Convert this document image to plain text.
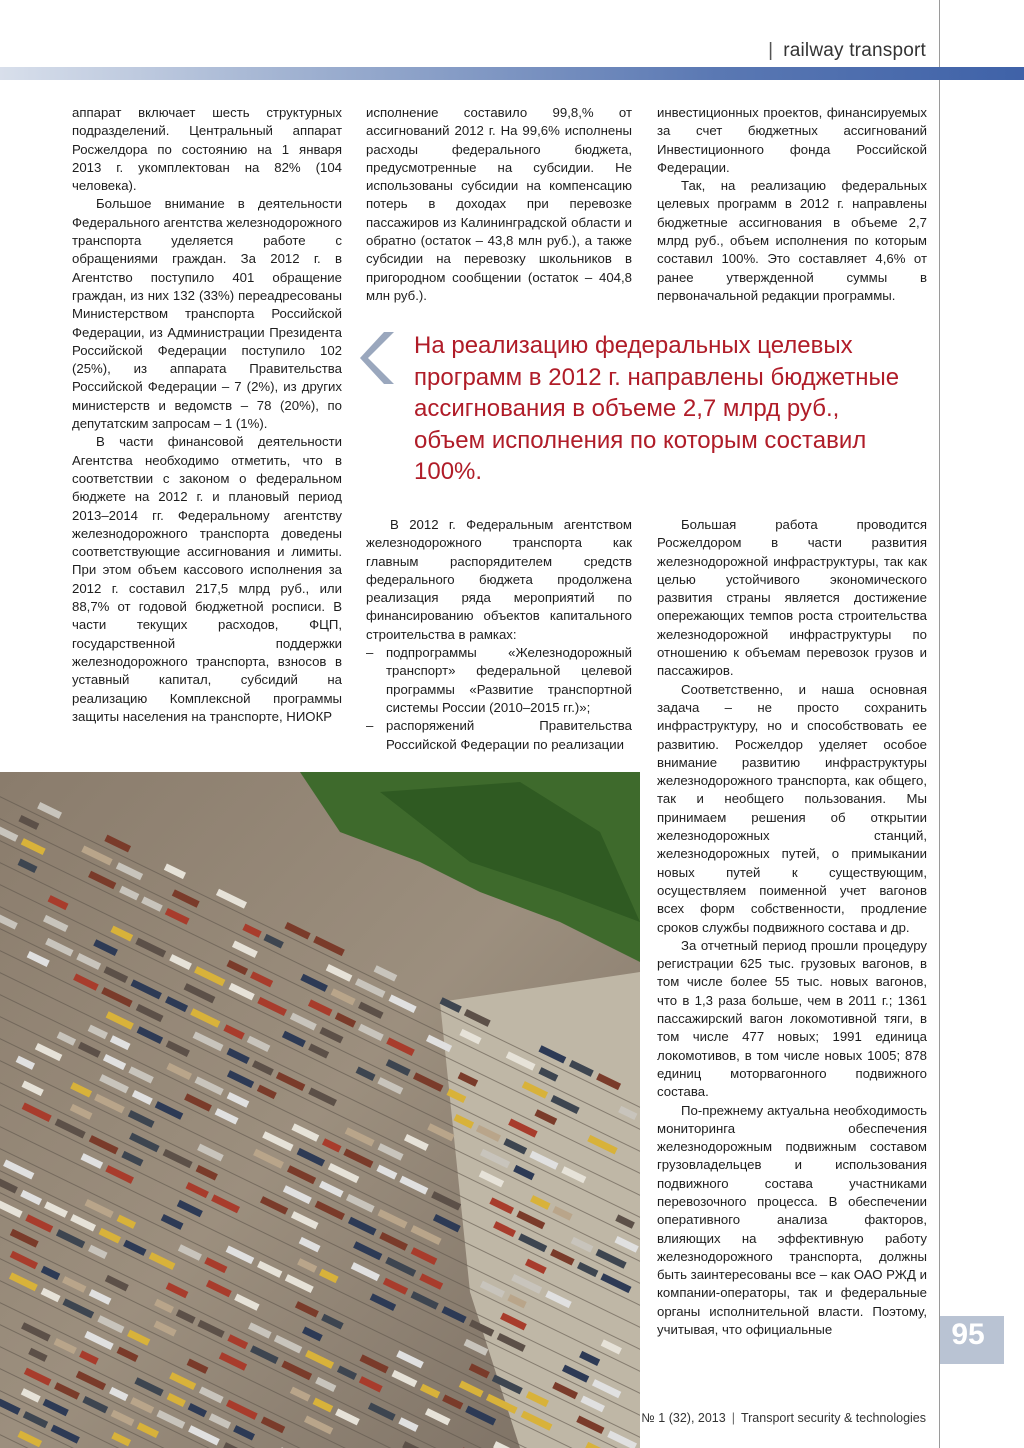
| railway transport

аппарат включает шесть структурных подразделений. Центральный аппарат Росжелдора по состоянию на 1 января 2013 г. укомплектован на 82% (104 человека).

Большое внимание в деятельности Федерального агентства железнодорожного транспорта уделяется работе с обращениями граждан. За 2012 г. в Агентство поступило 401 обращение граждан, из них 132 (33%) переадресованы Министерством транспорта Российской Федерации, из Администрации Президента Российской Федерации поступило 102 (25%), из аппарата Правительства Российской Федерации – 7 (2%), из других министерств и ведомств – 78 (20%), по депутатским запросам – 1 (1%).

В части финансовой деятельности Агентства необходимо отметить, что в соответствии с законом о федеральном бюджете на 2012 г. и плановый период 2013–2014 гг. Федеральному агентству железнодорожного транспорта доведены соответствующие ассигнования и лимиты. При этом объем кассового исполнения за 2012 г. составил 217,5 млрд руб., или 88,7% от годовой бюджетной росписи. В части текущих расходов, ФЦП, государственной поддержки железнодорожного транспорта, взносов в уставный капитал, субсидий на реализацию Комплексной программы защиты населения на транспорте, НИОКР

исполнение составило 99,8,% от ассигнований 2012 г. На 99,6% исполнены расходы федерального бюджета, предусмотренные на субсидии. Не использованы субсидии на компенсацию потерь в доходах при перевозке пассажиров из Калининградской области и обратно (остаток – 43,8 млн руб.), а также субсидии на перевозку школьников в пригородном сообщении (остаток – 404,8 млн руб.).

инвестиционных проектов, финансируемых за счет бюджетных ассигнований Инвестиционного фонда Российской Федерации.

Так, на реализацию федеральных целевых программ в 2012 г. направлены бюджетные ассигнования в объеме 2,7 млрд руб., объем исполнения по которым составил 100%. Это составляет 4,6% от ранее утвержденной суммы в первоначальной редакции программы.

На реализацию федеральных целевых программ в 2012 г. направлены бюджетные ассигнования в объеме 2,7 млрд руб., объем исполнения по которым составил 100%.

В 2012 г. Федеральным агентством железнодорожного транспорта как главным распорядителем средств федерального бюджета продолжена реализация ряда мероприятий по финансированию объектов капитального строительства в рамках:

– подпрограммы «Железнодорожный транспорт» федеральной целевой программы «Развитие транспортной системы России (2010–2015 гг.)»;
– распоряжений Правительства Российской Федерации по реализации

Большая работа проводится Росжелдором в части развития железнодорожной инфраструктуры, так как целью устойчивого экономического развития страны является достижение опережающих темпов роста строительства железнодорожной инфраструктуры по отношению к объемам перевозок грузов и пассажиров.

Соответственно, и наша основная задача – не просто сохранить инфраструктуру, но и способствовать ее развитию. Росжелдор уделяет особое внимание развитию инфраструктуры железнодорожного транспорта, как общего, так и необщего пользования. Мы принимаем решения об открытии железнодорожных станций, железнодорожных путей, о примыкании новых путей к существующим, осуществляем поименной учет вагонов всех форм собственности, продление сроков службы подвижного состава и др.

За отчетный период прошли процедуру регистрации 625 тыс. грузовых вагонов, в том числе более 55 тыс. новых вагонов, что в 1,3 раза больше, чем в 2011 г.; 1361 пассажирский вагон локомотивной тяги, в том числе 477 новых; 1991 единица локомотивов, в том числе новых 1005; 878 единиц моторвагонного подвижного состава.

По-прежнему актуальна необходимость мониторинга обеспечения железнодорожным подвижным составом грузовладельцев и использования подвижного состава участниками перевозочного процесса. В обеспечении оперативного анализа факторов, влияющих на эффективную работу железнодорожного транспорта, должны быть заинтересованы все – как ОАО РЖД и компании-операторы, так и федеральные органы исполнительной власти. Поэтому, учитывая, что официальные	95
№ 1 (32), 2013 | Transport security & technologies
